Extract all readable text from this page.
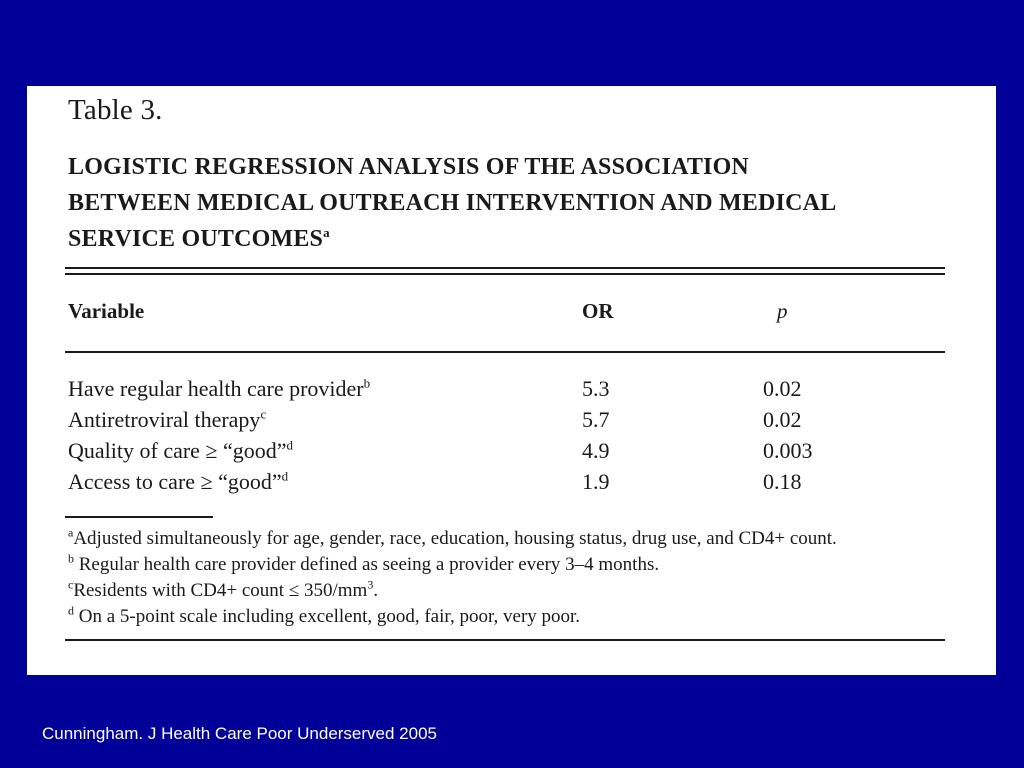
Table 3.
LOGISTIC REGRESSION ANALYSIS OF THE ASSOCIATION BETWEEN MEDICAL OUTREACH INTERVENTION AND MEDICAL SERVICE OUTCOMES$^a$
Variable	OR	p
Have regular health care provider$^b$	5.3	0.02
Antiretroviral therapy$^c$	5.7	0.02
Quality of care ≥ “good”$^d$	4.9	0.003
Access to care ≥ “good”$^d$	1.9	0.18
$^a$Adjusted simultaneously for age, gender, race, education, housing status, drug use, and CD4+ count.
$^b$ Regular health care provider defined as seeing a provider every 3–4 months.
$^c$Residents with CD4+ count ≤ $350/mm^3$.
$^d$ On a 5-point scale including excellent, good, fair, poor, very poor.
Cunningham. J Health Care Poor Underserved 2005
